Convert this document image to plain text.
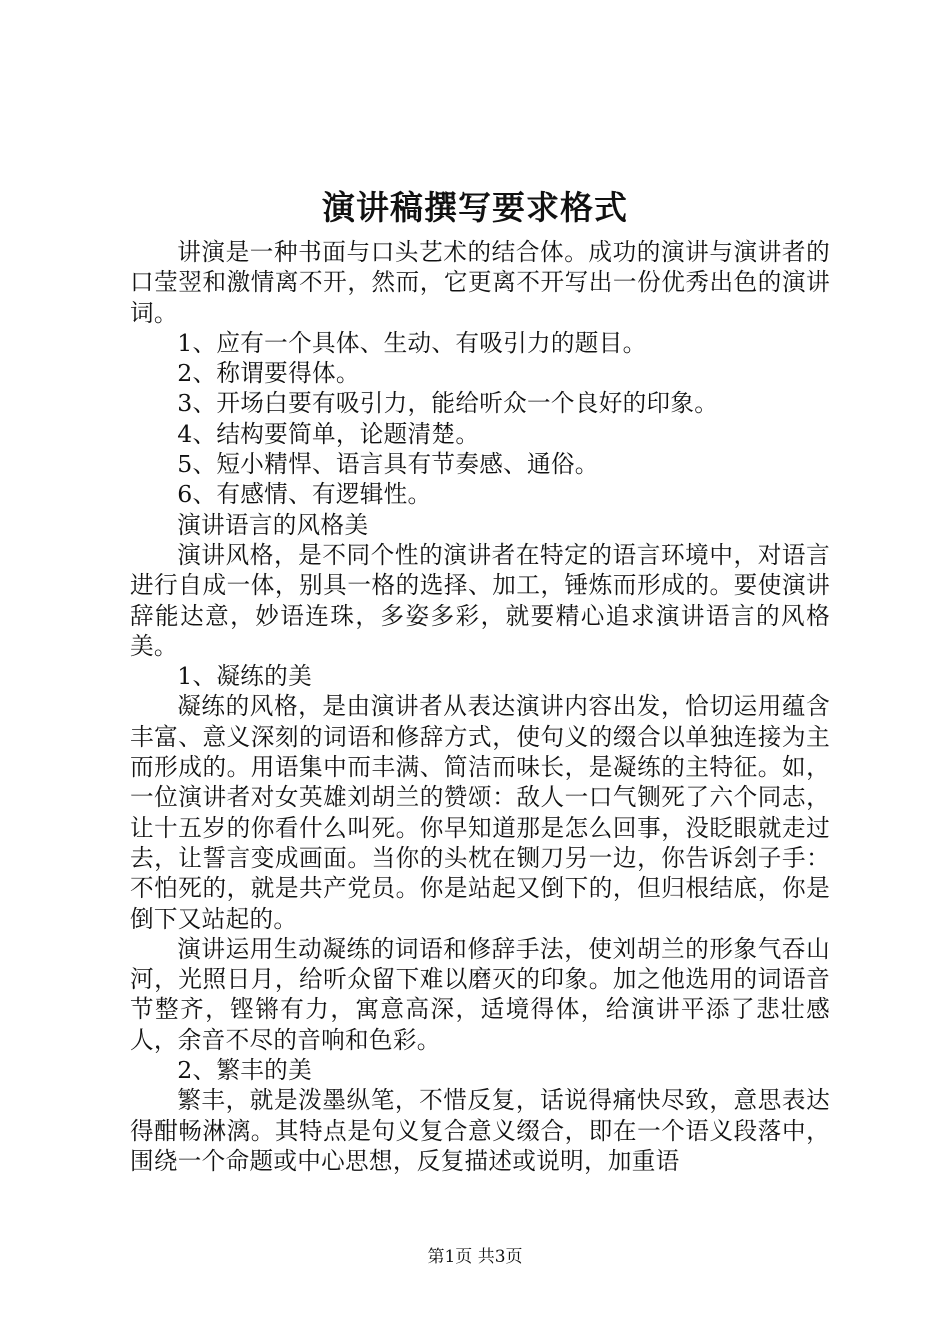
演讲稿撰写要求格式

讲演是一种书面与口头艺术的结合体。成功的演讲与演讲者的口莹翌和激情离不开，然而，它更离不开写出一份优秀出色的演讲词。

1、应有一个具体、生动、有吸引力的题目。

2、称谓要得体。

3、开场白要有吸引力，能给听众一个良好的印象。

4、结构要简单，论题清楚。

5、短小精悍、语言具有节奏感、通俗。

6、有感情、有逻辑性。

演讲语言的风格美

演讲风格，是不同个性的演讲者在特定的语言环境中，对语言进行自成一体，别具一格的选择、加工，锤炼而形成的。要使演讲辞能达意，妙语连珠，多姿多彩，就要精心追求演讲语言的风格美。

1、凝练的美

凝练的风格，是由演讲者从表达演讲内容出发，恰切运用蕴含丰富、意义深刻的词语和修辞方式，使句义的缀合以单独连接为主而形成的。用语集中而丰满、简洁而味长，是凝练的主特征。如，一位演讲者对女英雄刘胡兰的赞颂：敌人一口气铡死了六个同志，让十五岁的你看什么叫死。你早知道那是怎么回事，没眨眼就走过去，让誓言变成画面。当你的头枕在铡刀另一边，你告诉刽子手：不怕死的，就是共产党员。你是站起又倒下的，但归根结底，你是倒下又站起的。

演讲运用生动凝练的词语和修辞手法，使刘胡兰的形象气吞山河，光照日月，给听众留下难以磨灭的印象。加之他选用的词语音节整齐，铿锵有力，寓意高深，适境得体，给演讲平添了悲壮感人，余音不尽的音响和色彩。

2、繁丰的美

繁丰，就是泼墨纵笔，不惜反复，话说得痛快尽致，意思表达得酣畅淋漓。其特点是句义复合意义缀合，即在一个语义段落中，围绕一个命题或中心思想，反复描述或说明，加重语

第1页 共3页
